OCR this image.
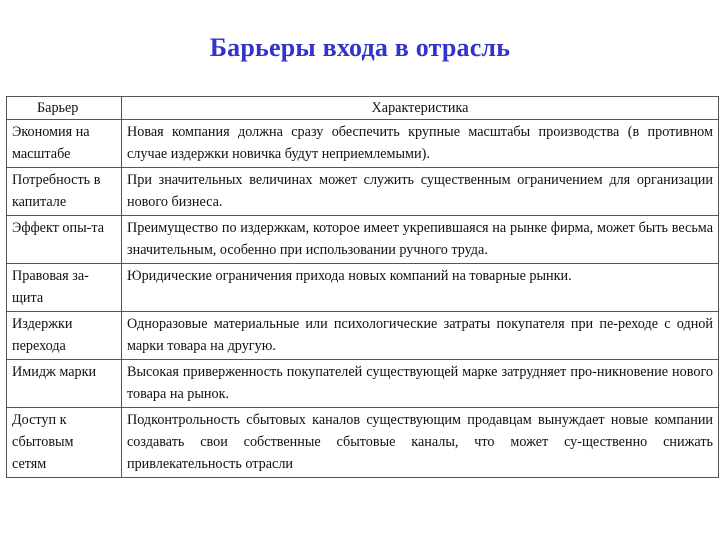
Барьеры входа в отрасль
Барьер	Характеристика
Экономия на масштабе	Новая компания должна сразу обеспечить крупные масштабы производства (в противном случае издержки новичка будут неприемлемыми).
Потребность в капитале	При значительных величинах может служить существенным ограничением для организации нового бизнеса.
Эффект опы-та	Преимущество по издержкам, которое имеет укрепившаяся на рынке фирма, может быть весьма значительным, особенно при использовании ручного труда.
Правовая за-щита	Юридические ограничения прихода новых компаний на товарные рынки.
Издержки перехода	Одноразовые материальные или психологические затраты покупателя при пе-реходе с одной марки товара на другую.
Имидж марки	Высокая приверженность покупателей существующей марке затрудняет про-никновение нового товара на рынок.
Доступ к сбытовым сетям	Подконтрольность сбытовых каналов существующим продавцам вынуждает новые компании создавать свои собственные сбытовые каналы, что может су-щественно снижать привлекательность отрасли
